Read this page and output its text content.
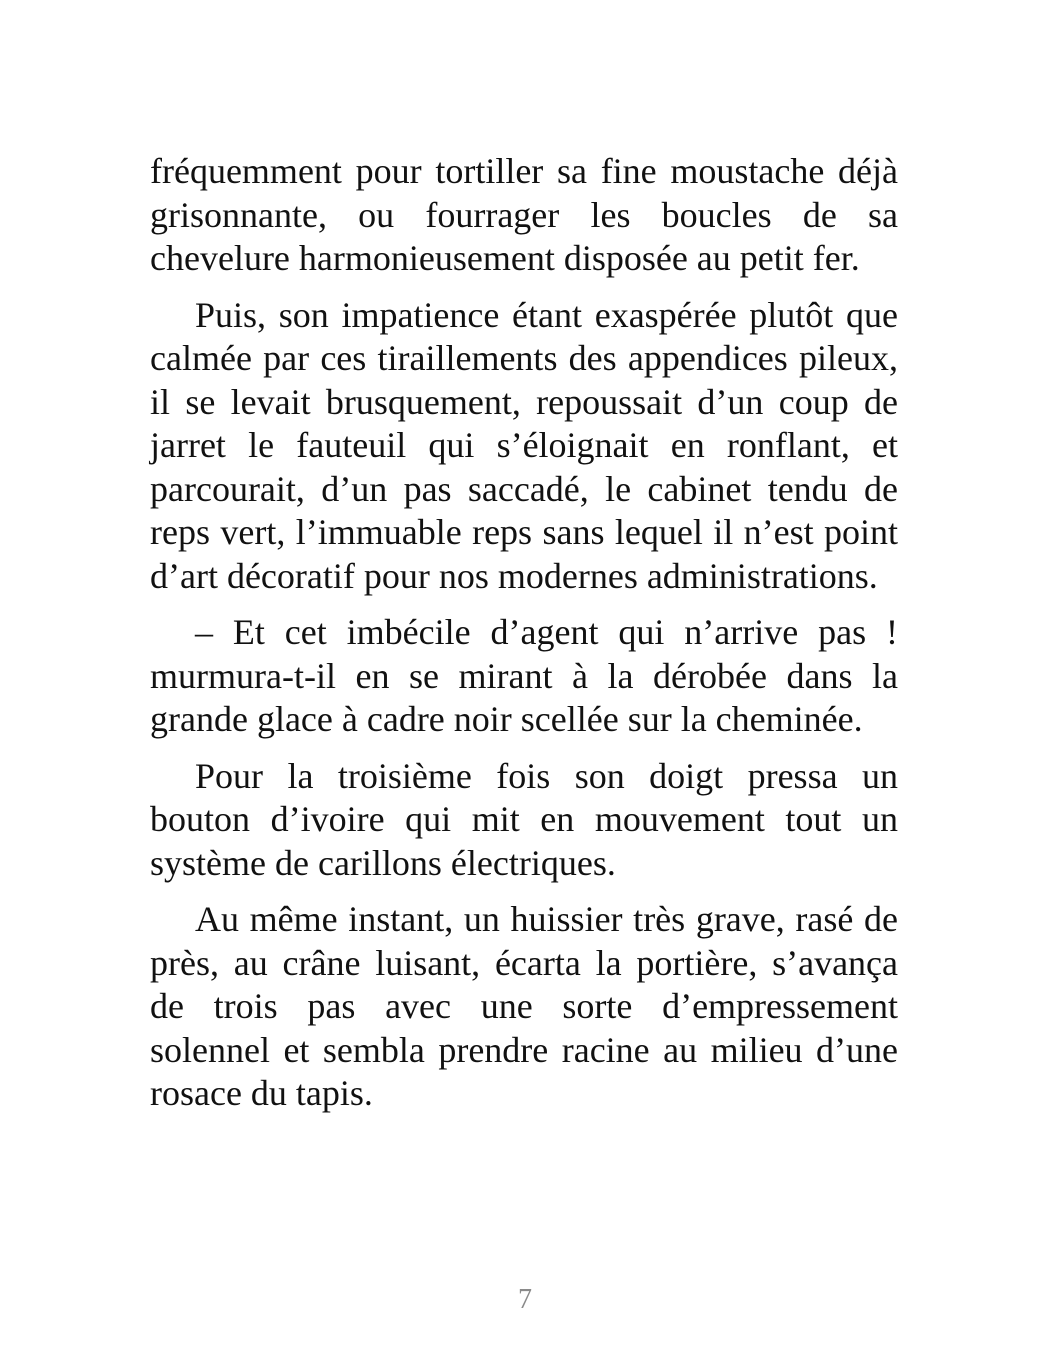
fréquemment pour tortiller sa fine moustache déjà grisonnante, ou fourrager les boucles de sa chevelure harmonieusement disposée au petit fer.

Puis, son impatience étant exaspérée plutôt que calmée par ces tiraillements des appendices pileux, il se levait brusquement, repoussait d’un coup de jarret le fauteuil qui s’éloignait en ronflant, et parcourait, d’un pas saccadé, le cabinet tendu de reps vert, l’immuable reps sans lequel il n’est point d’art décoratif pour nos modernes administrations.

– Et cet imbécile d’agent qui n’arrive pas ! murmura-t-il en se mirant à la dérobée dans la grande glace à cadre noir scellée sur la cheminée.

Pour la troisième fois son doigt pressa un bouton d’ivoire qui mit en mouvement tout un système de carillons électriques.

Au même instant, un huissier très grave, rasé de près, au crâne luisant, écarta la portière, s’avança de trois pas avec une sorte d’empressement solennel et sembla prendre racine au milieu d’une rosace du tapis.

7
